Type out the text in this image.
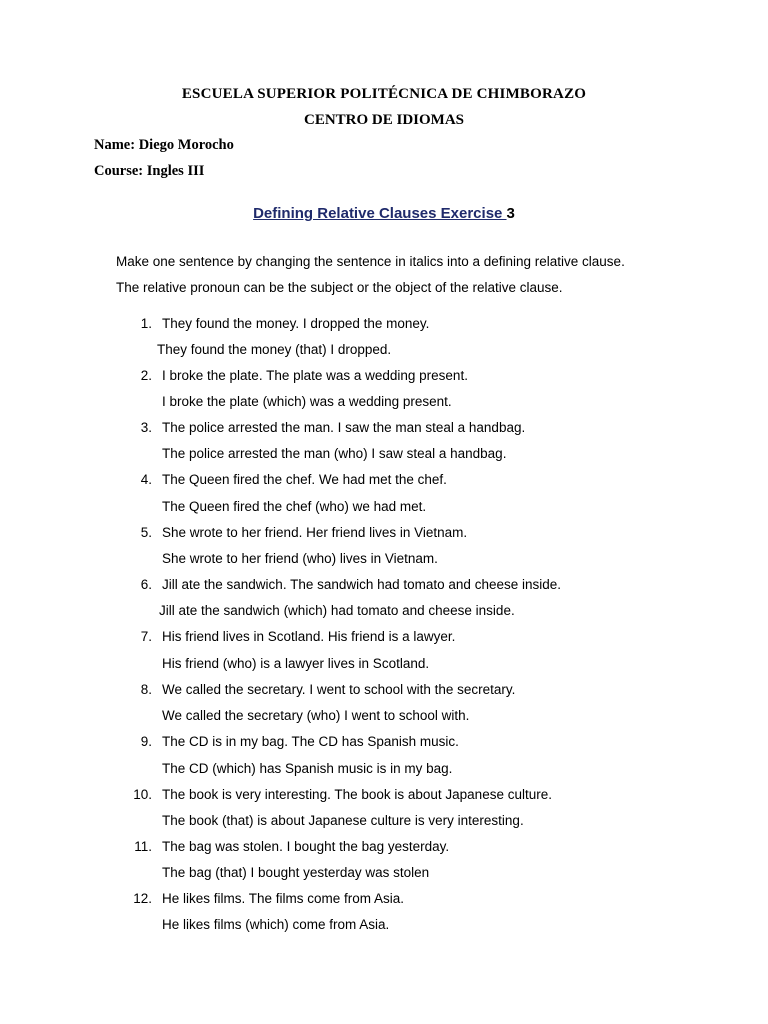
ESCUELA SUPERIOR POLITÉCNICA DE CHIMBORAZO
CENTRO DE IDIOMAS
Name: Diego Morocho
Course: Ingles III
Defining Relative Clauses Exercise 3
Make one sentence by changing the sentence in italics into a defining relative clause.
The relative pronoun can be the subject or the object of the relative clause.
1. They found the money. I dropped the money.
They found the money (that) I dropped.
2. I broke the plate. The plate was a wedding present.
I broke the plate (which) was a wedding present.
3. The police arrested the man. I saw the man steal a handbag.
The police arrested the man (who) I saw steal a handbag.
4. The Queen fired the chef. We had met the chef.
The Queen fired the chef (who) we had met.
5. She wrote to her friend. Her friend lives in Vietnam.
She wrote to her friend (who) lives in Vietnam.
6. Jill ate the sandwich. The sandwich had tomato and cheese inside.
Jill ate the sandwich (which) had tomato and cheese inside.
7. His friend lives in Scotland. His friend is a lawyer.
His friend (who) is a lawyer lives in Scotland.
8. We called the secretary. I went to school with the secretary.
We called the secretary (who) I went to school with.
9. The CD is in my bag. The CD has Spanish music.
The CD (which) has Spanish music is in my bag.
10. The book is very interesting. The book is about Japanese culture.
The book (that) is about Japanese culture is very interesting.
11. The bag was stolen. I bought the bag yesterday.
The bag (that) I bought yesterday was stolen
12. He likes films. The films come from Asia.
He likes films (which) come from Asia.
